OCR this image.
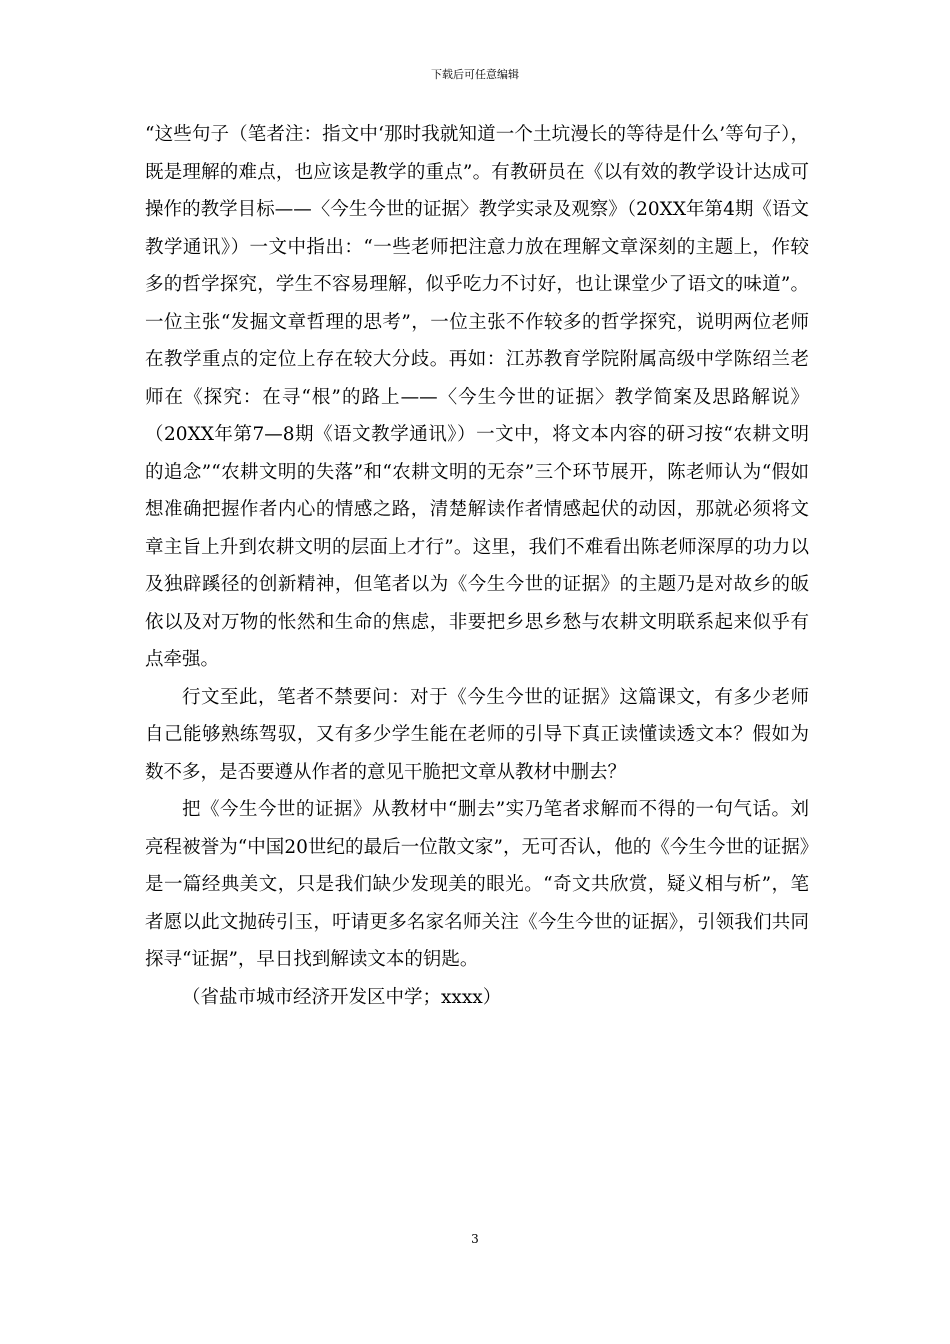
下载后可任意编辑

“这些句子（笔者注：指文中‘那时我就知道一个土坑漫长的等待是什么’等句子），既是理解的难点，也应该是教学的重点”。有教研员在《以有效的教学设计达成可操作的教学目标——〈今生今世的证据〉教学实录及观察》（20XX年第4期《语文教学通讯》）一文中指出：“一些老师把注意力放在理解文章深刻的主题上，作较多的哲学探究，学生不容易理解，似乎吃力不讨好，也让课堂少了语文的味道”。一位主张“发掘文章哲理的思考”，一位主张不作较多的哲学探究，说明两位老师在教学重点的定位上存在较大分歧。再如：江苏教育学院附属高级中学陈绍兰老师在《探究：在寻“根”的路上——〈今生今世的证据〉教学简案及思路解说》（20XX年第7—8期《语文教学通讯》）一文中，将文本内容的研习按“农耕文明的追念”“农耕文明的失落”和“农耕文明的无奈”三个环节展开，陈老师认为“假如想准确把握作者内心的情感之路，清楚解读作者情感起伏的动因，那就必须将文章主旨上升到农耕文明的层面上才行”。这里，我们不难看出陈老师深厚的功力以及独辟蹊径的创新精神，但笔者以为《今生今世的证据》的主题乃是对故乡的皈依以及对万物的怅然和生命的焦虑，非要把乡思乡愁与农耕文明联系起来似乎有点牵强。

行文至此，笔者不禁要问：对于《今生今世的证据》这篇课文，有多少老师自己能够熟练驾驭，又有多少学生能在老师的引导下真正读懂读透文本？假如为数不多，是否要遵从作者的意见干脆把文章从教材中删去？

把《今生今世的证据》从教材中“删去”实乃笔者求解而不得的一句气话。刘亮程被誉为“中国20世纪的最后一位散文家”，无可否认，他的《今生今世的证据》是一篇经典美文，只是我们缺少发现美的眼光。“奇文共欣赏，疑义相与析”，笔者愿以此文抛砖引玉，吁请更多名家名师关注《今生今世的证据》，引领我们共同探寻“证据”，早日找到解读文本的钥匙。

（省盐市城市经济开发区中学；xxxx）

3
